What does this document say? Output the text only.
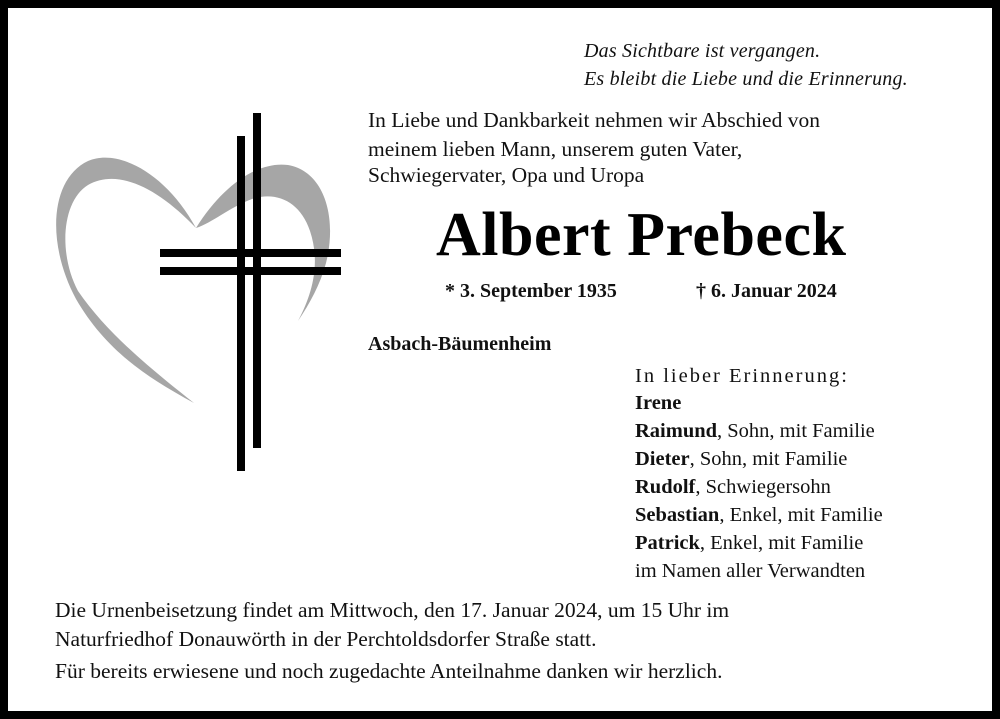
Das Sichtbare ist vergangen.

Es bleibt die Liebe und die Erinnerung.

In Liebe und Dankbarkeit nehmen wir Abschied von

meinem lieben Mann, unserem guten Vater,

Schwiegervater, Opa und Uropa

Albert Prebeck

* 3. September 1935	† 6. Januar 2024

Asbach-Bäumenheim

In lieber Erinnerung:

Irene

Raimund, Sohn, mit Familie

Dieter, Sohn, mit Familie

Rudolf, Schwiegersohn

Sebastian, Enkel, mit Familie

Patrick, Enkel, mit Familie

im Namen aller Verwandten

Die Urnenbeisetzung findet am Mittwoch, den 17. Januar 2024, um 15 Uhr im

Naturfriedhof Donauwörth in der Perchtoldsdorfer Straße statt.

Für bereits erwiesene und noch zugedachte Anteilnahme danken wir herzlich.
